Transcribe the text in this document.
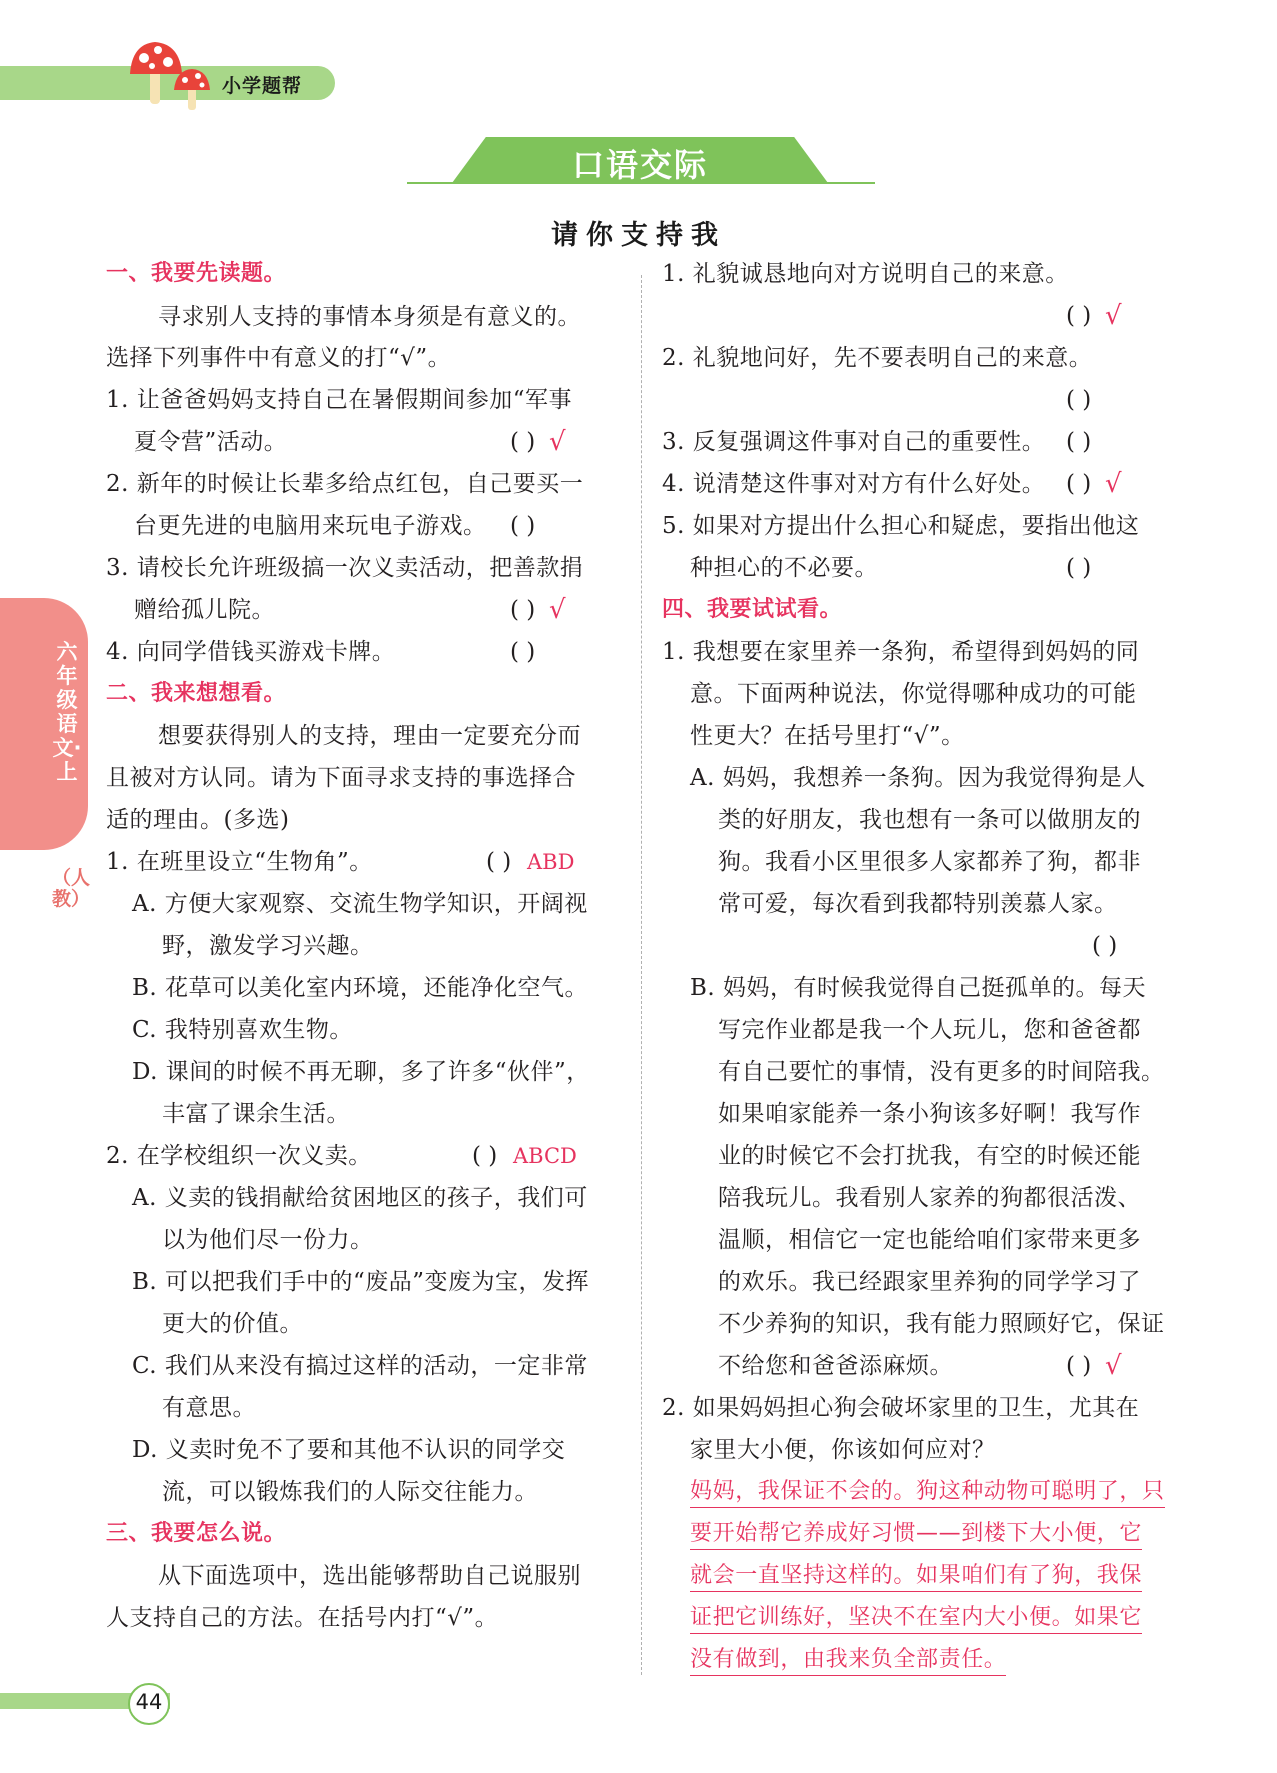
小学题帮
口语交际
请你支持我
六年级语文·上
（人教）
一、我要先读题。
寻求别人支持的事情本身须是有意义的。
选择下列事件中有意义的打“√”。
1. 让爸爸妈妈支持自己在暑假期间参加“军事
夏令营”活动。
2. 新年的时候让长辈多给点红包，自己要买一
台更先进的电脑用来玩电子游戏。
3. 请校长允许班级搞一次义卖活动，把善款捐
赠给孤儿院。
4. 向同学借钱买游戏卡牌。
二、我来想想看。
想要获得别人的支持，理由一定要充分而
且被对方认同。请为下面寻求支持的事选择合
适的理由。(多选)
1. 在班里设立“生物角”。
A. 方便大家观察、交流生物学知识，开阔视
野，激发学习兴趣。
B. 花草可以美化室内环境，还能净化空气。
C. 我特别喜欢生物。
D. 课间的时候不再无聊，多了许多“伙伴”，
丰富了课余生活。
2. 在学校组织一次义卖。
A. 义卖的钱捐献给贫困地区的孩子，我们可
以为他们尽一份力。
B. 可以把我们手中的“废品”变废为宝，发挥
更大的价值。
C. 我们从来没有搞过这样的活动，一定非常
有意思。
D. 义卖时免不了要和其他不认识的同学交
流，可以锻炼我们的人际交往能力。
三、我要怎么说。
从下面选项中，选出能够帮助自己说服别
人支持自己的方法。在括号内打“√”。
1. 礼貌诚恳地向对方说明自己的来意。
2. 礼貌地问好，先不要表明自己的来意。
3. 反复强调这件事对自己的重要性。
4. 说清楚这件事对对方有什么好处。
5. 如果对方提出什么担心和疑虑，要指出他这
种担心的不必要。
四、我要试试看。
1. 我想要在家里养一条狗，希望得到妈妈的同
意。下面两种说法，你觉得哪种成功的可能
性更大？在括号里打“√”。
A. 妈妈，我想养一条狗。因为我觉得狗是人
类的好朋友，我也想有一条可以做朋友的
狗。我看小区里很多人家都养了狗，都非
常可爱，每次看到我都特别羡慕人家。
B. 妈妈，有时候我觉得自己挺孤单的。每天
写完作业都是我一个人玩儿，您和爸爸都
有自己要忙的事情，没有更多的时间陪我。
如果咱家能养一条小狗该多好啊！我写作
业的时候它不会打扰我，有空的时候还能
陪我玩儿。我看别人家养的狗都很活泼、
温顺，相信它一定也能给咱们家带来更多
的欢乐。我已经跟家里养狗的同学学习了
不少养狗的知识，我有能力照顾好它，保证
不给您和爸爸添麻烦。
2. 如果妈妈担心狗会破坏家里的卫生，尤其在
家里大小便，你该如何应对？
( )
( )
( )
( )
( )
( )
( )
( )
( )
( )
( )
( )
( )
√
√
√
√
√
ABD
ABCD
妈妈，我保证不会的。狗这种动物可聪明了，只
要开始帮它养成好习惯——到楼下大小便，它
就会一直坚持这样的。如果咱们有了狗，我保
证把它训练好，坚决不在室内大小便。如果它
没有做到，由我来负全部责任。
44
